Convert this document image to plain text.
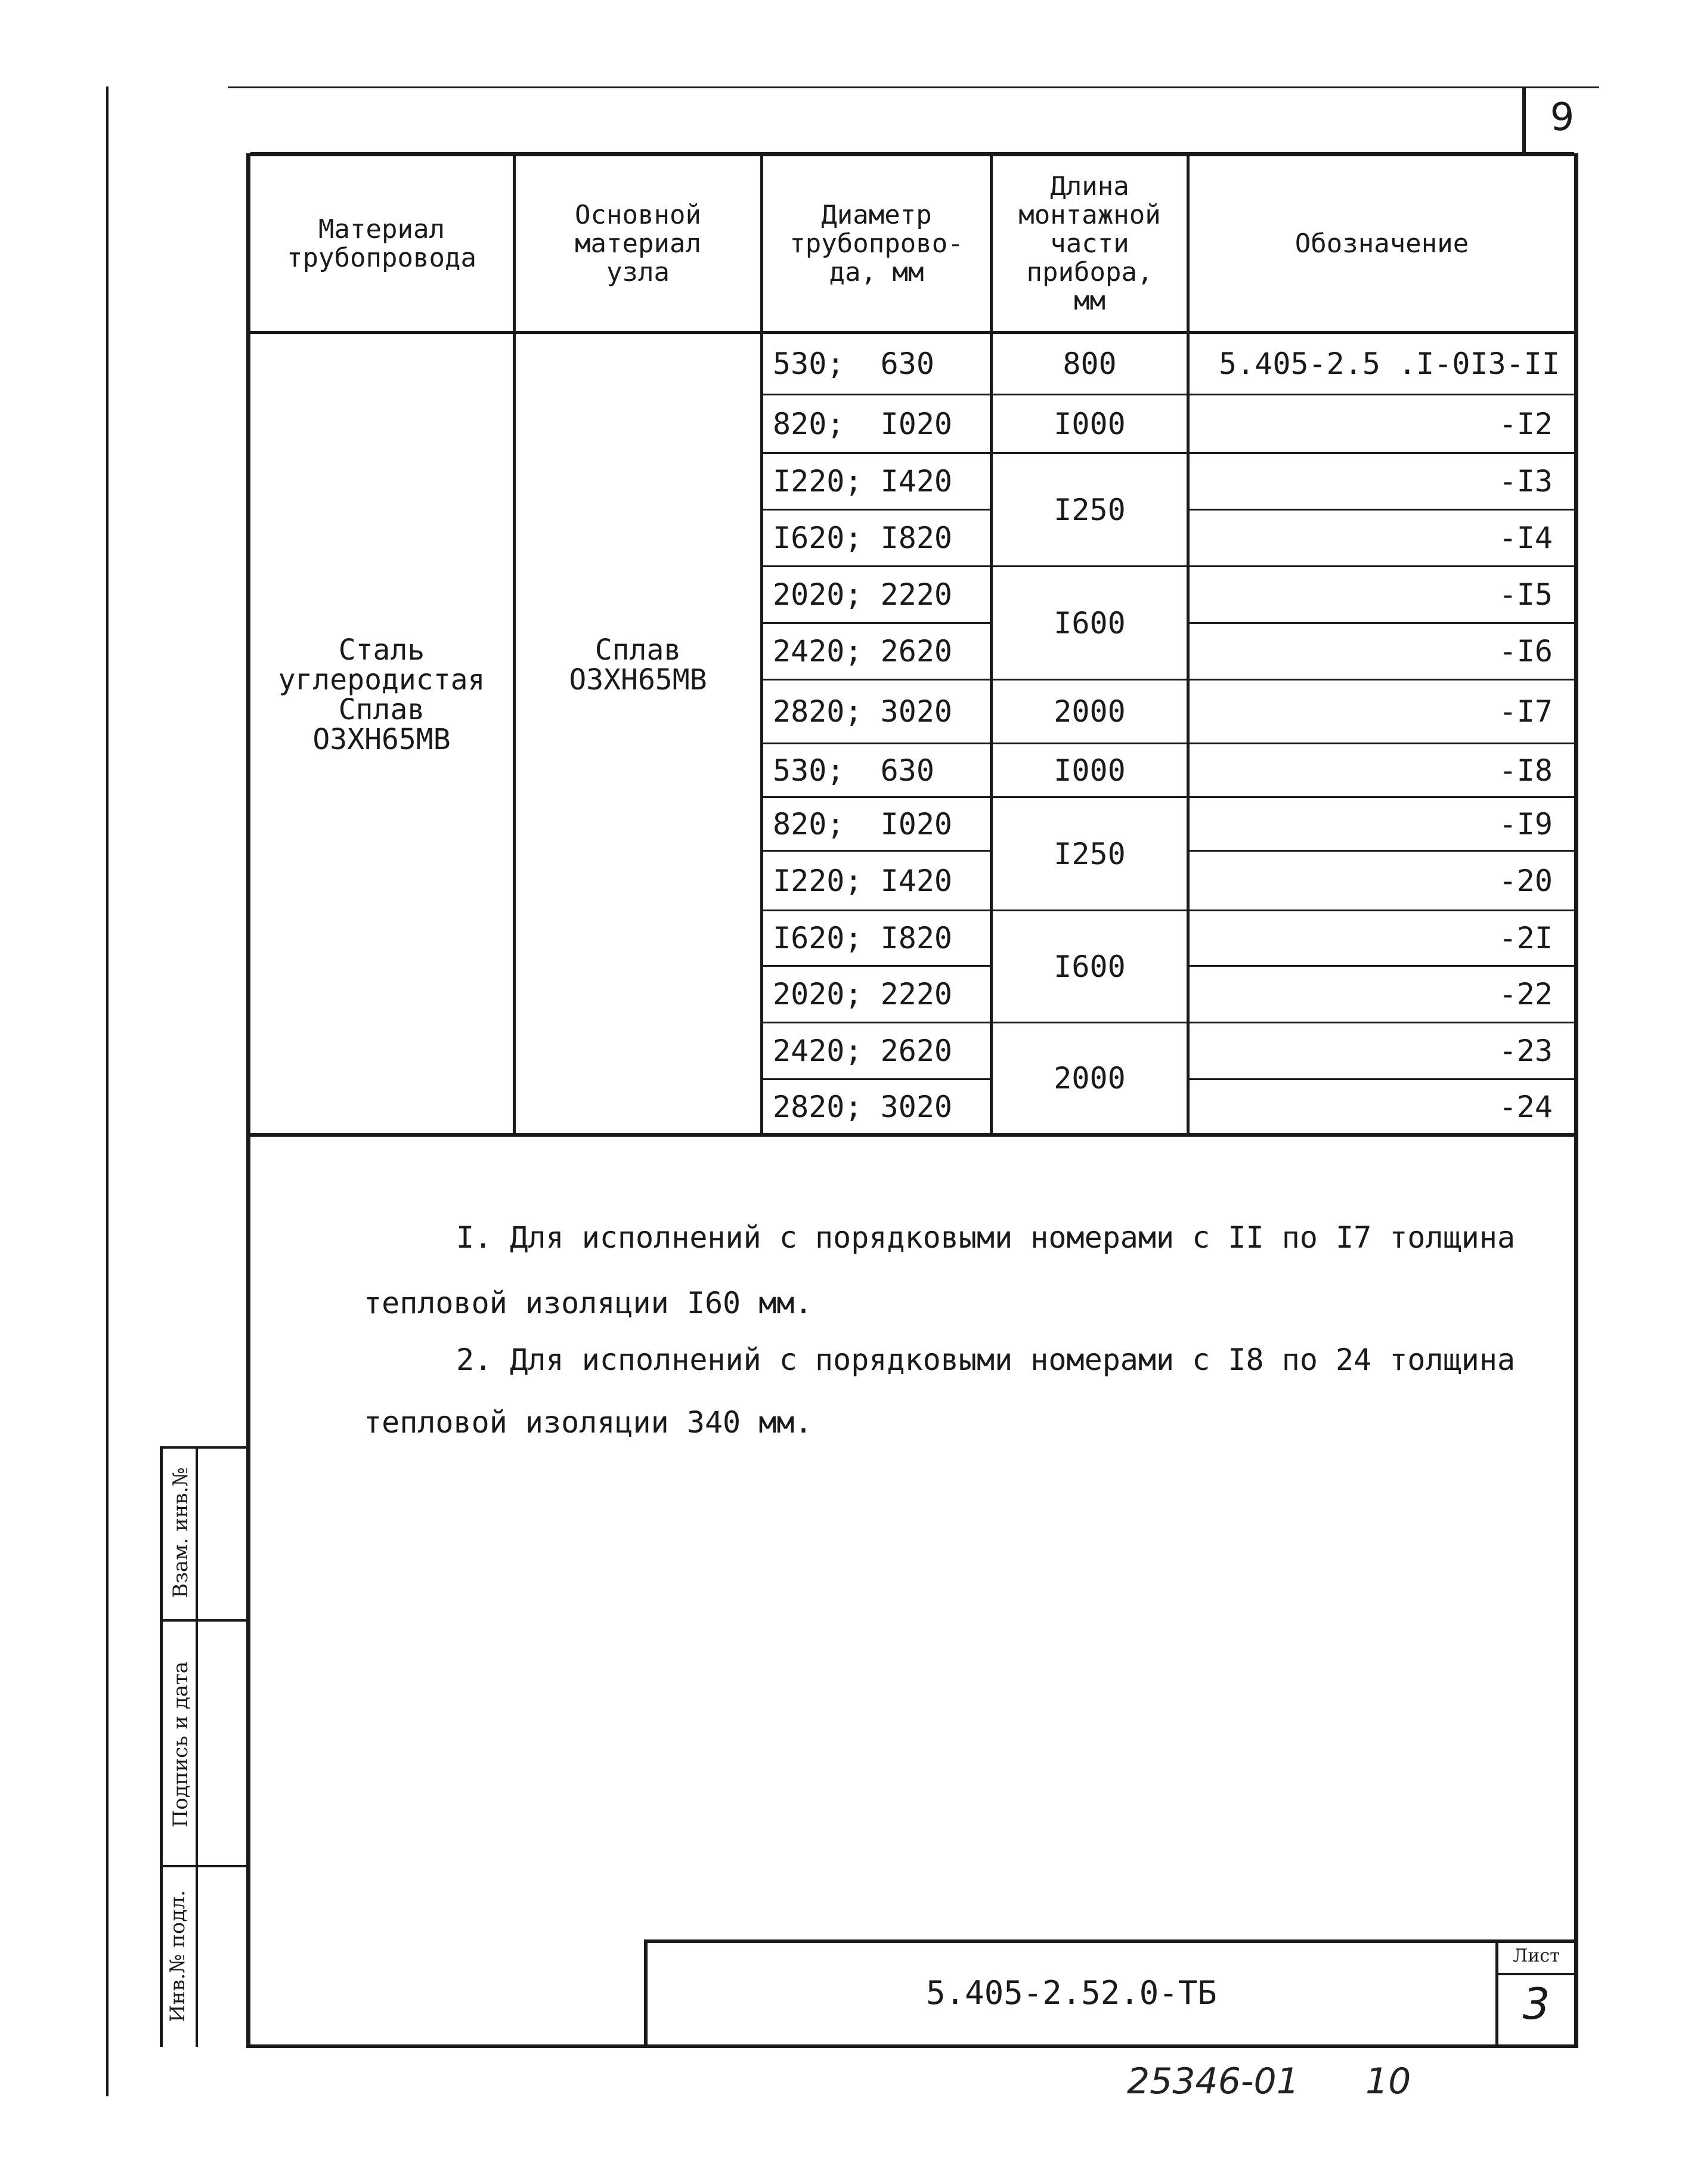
9
Материал
трубопровода
Основной
материал
узла
Диаметр
трубопрово-
да, мм
Длина
монтажной
части
прибора,
мм
Обозначение
Сталь
углеродистая
Сплав
ОЗХН65МВ
Сплав
ОЗХН65МВ
530;  630
820;  I020
I220; I420
I620; I820
2020; 2220
2420; 2620
2820; 3020
530;  630
820;  I020
I220; I420
I620; I820
2020; 2220
2420; 2620
2820; 3020
800
I000
I250
I600
2000
I000
I250
I600
2000
5.405-2.5 .I-0I3-II
-I2
-I3
-I4
-I5
-I6
-I7
-I8
-I9
-20
-2I
-22
-23
-24
I. Для исполнений с порядковыми номерами с II по I7 толщина
тепловой изоляции I60 мм.
2. Для исполнений с порядковыми номерами с I8 по 24 толщина
тепловой изоляции 340 мм.
Взам. инв.№
Подпись и дата
Инв.№ подл.	5.405-2.52.0-ТБ
Лист
3
25346-01 10
